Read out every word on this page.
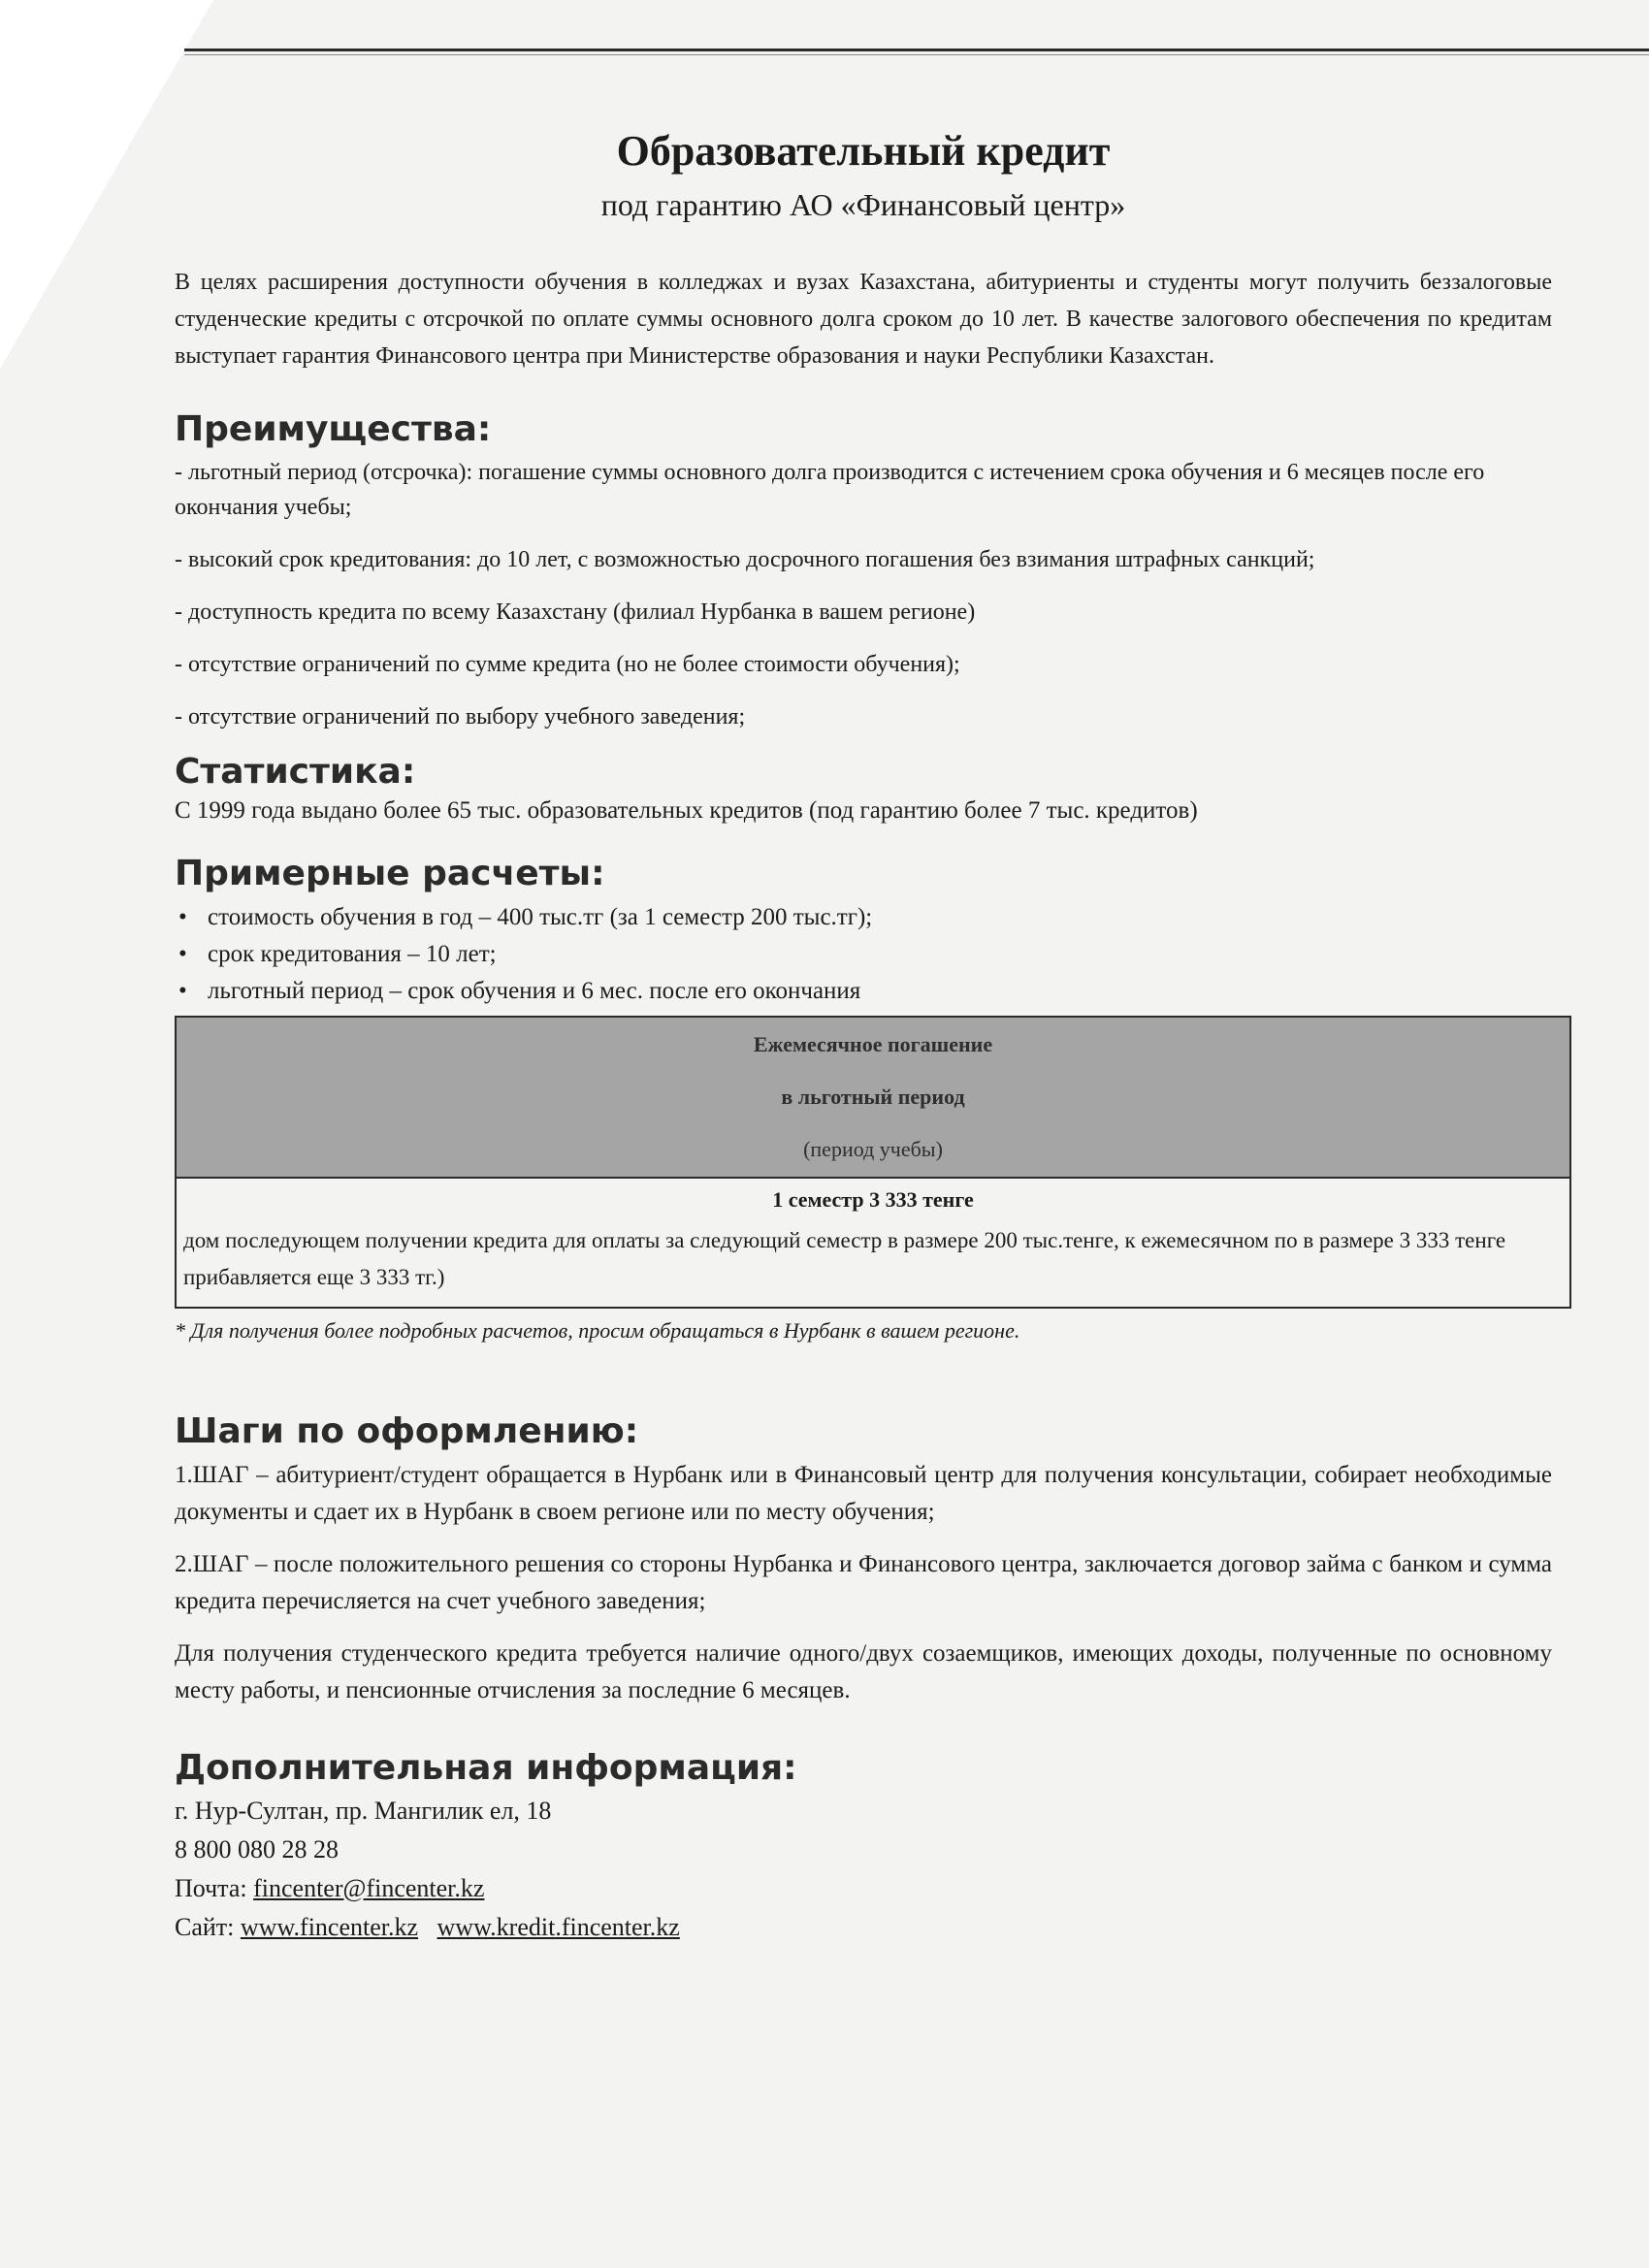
Образовательный кредит
под гарантию АО «Финансовый центр»
В целях расширения доступности обучения в колледжах и вузах Казахстана, абитуриенты и студенты могут получить беззалоговые студенческие кредиты с отсрочкой по оплате суммы основного долга сроком до 10 лет. В качестве залогового обеспечения по кредитам выступает гарантия Финансового центра при Министерстве образования и науки Республики Казахстан.
Преимущества:

- льготный период (отсрочка): погашение суммы основного долга производится с истечением срока обучения и 6 месяцев после его окончания учебы;

- высокий срок кредитования: до 10 лет, с возможностью досрочного погашения без взимания штрафных санкций;

- доступность кредита по всему Казахстану (филиал Нурбанка в вашем регионе)

- отсутствие ограничений по сумме кредита (но не более стоимости обучения);

- отсутствие ограничений по выбору учебного заведения;

Статистика:

С 1999 года выдано более 65 тыс. образовательных кредитов (под гарантию более 7 тыс. кредитов)

Примерные расчеты:
• стоимость обучения в год – 400 тыс.тг (за 1 семестр 200 тыс.тг);
• срок кредитования – 10 лет;
• льготный период – срок обучения и 6 мес. после его окончания
Ежемесячное погашение
в льготный период
(период учебы)

1 семестр 3 333 тенге
дом последующем получении кредита для оплаты за следующий семестр в размере 200 тыс.тенге, к ежемесячном по в размере 3 333 тенге прибавляется еще 3 333 тг.)
* Для получения более подробных расчетов, просим обращаться в Нурбанк в вашем регионе.
Шаги по оформлению:

1.ШАГ – абитуриент/студент обращается в Нурбанк или в Финансовый центр для получения консультации, собирает необходимые документы и сдает их в Нурбанк в своем регионе или по месту обучения;

2.ШАГ – после положительного решения со стороны Нурбанка и Финансового центра, заключается договор займа с банком и сумма кредита перечисляется на счет учебного заведения;

Для получения студенческого кредита требуется наличие одного/двух созаемщиков, имеющих доходы, полученные по основному месту работы, и пенсионные отчисления за последние 6 месяцев.

Дополнительная информация:
г. Нур-Султан, пр. Мангилик ел, 18
8 800 080 28 28
Почта: fincenter@fincenter.kz
Сайт: www.fincenter.kz www.kredit.fincenter.kz
